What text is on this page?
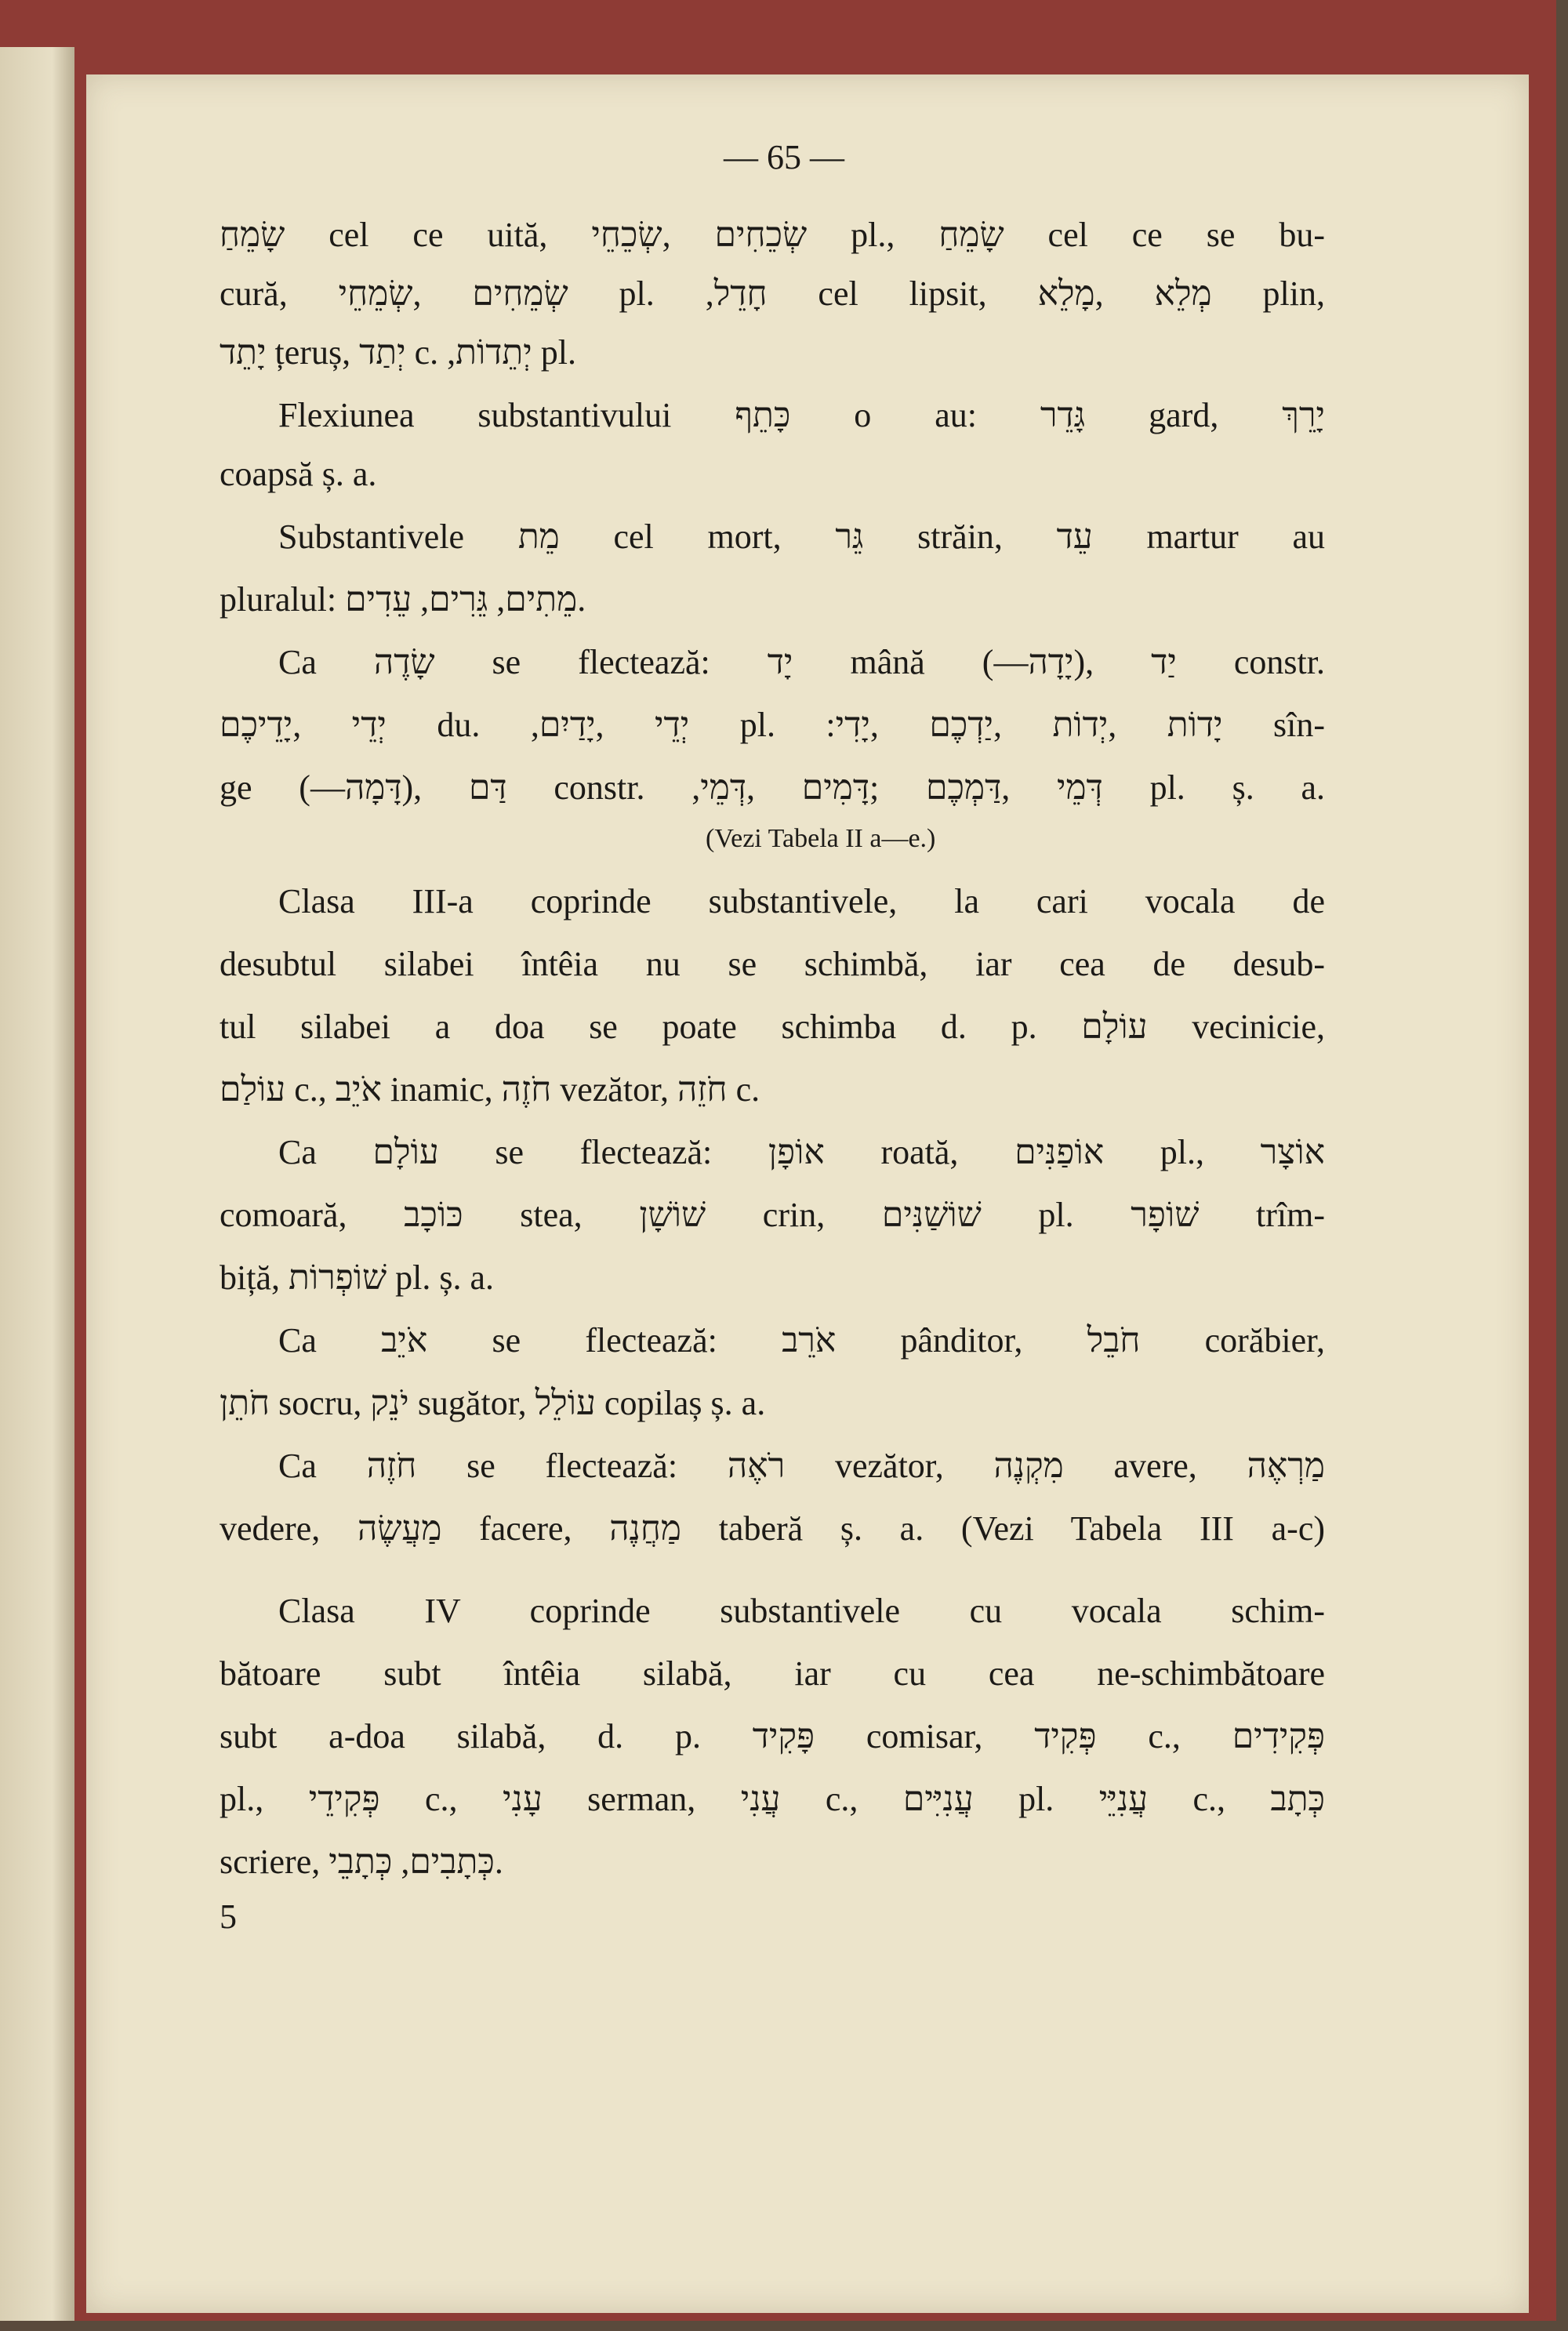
— 65 —
שָׂמֵחַ cel ce uită, שְׂכֵחִים ,שְׂכֵחֵי pl., שָׂמֵחַ cel ce se bu-
cură, שְׂמֵחִים ,שְׂמֵחֵי pl. ,חָדֵל cel lipsit, מְלֵא ,מָלֵא plin,
יָתֵד țeruș, יְתַד c. ,יְתֵדוֹת pl.
Flexiunea substantivului כָּתֵף o au: גָּדֵר gard, יָרֵךְ
coapsă ș. a.
Substantivele מֵת cel mort, גֵּר străin, עֵד martur au
pluralul: מֵתִים, גֵּרִים, עֵדִים.
Ca שָׂדֶה se flectează: יָד mână (—יָדָה), יַד constr.
יְדֵי ,יָדֵיכֶם du. ,יְדֵי ,יָדַיִם pl. :יָדוֹת ,יְדוֹת ,יַדְכֶם ,יָדִי sîn-
ge (—דָּמָה), דַּם constr. ,דְּמֵי ,דַּמְכֶם ;דָּמִים ,דְּמֵי pl. ș. a.
(Vezi Tabela II a—e.)
Clasa III-a coprinde substantivele, la cari vocala de
desubtul silabei întêia nu se schimbă, iar cea de desub-
tul silabei a doa se poate schimba d. p. עוֹלָם vecinicie,
עוֹלַם c., אֹיֵב inamic, חֹזֶה vezător, חֹזֵה c.
Ca עוֹלָם se flectează: אוֹפָן roată, אוֹפַנִּים pl., אוֹצָר
comoară, כּוֹכָב stea, שׁוֹשָׁן crin, שׁוֹשַׁנִּים pl. שׁוֹפָר trîm-
biță, שׁוֹפְרוֹת pl. ș. a.
Ca אֹיֵב se flectează: אֹרֵב pânditor, חֹבֵל corăbier,
חֹתֵן socru, יֹנֵק sugător, עוֹלֵל copilaș ș. a.
Ca חֹזֶה se flectează: רֹאֶה vezător, מִקְנֶה avere, מַרְאֶה
vedere, מַעֲשֶׂה facere, מַחֲנֶה taberă ș. a. (Vezi Tabela III a-c)
Clasa IV coprinde substantivele cu vocala schim-
bătoare subt întêia silabă, iar cu cea ne-schimbătoare
subt a-doa silabă, d. p. פָּקִיד comisar, פְּקִיד c., פְּקִידִים
pl., פְּקִידֵי c., עָנִי serman, עֲנִי c., עֲנִיִּים pl. עֲנִיֵּי c., כְּתָב
scriere, כְּתָבִים, כְּתָבֵי.
5
